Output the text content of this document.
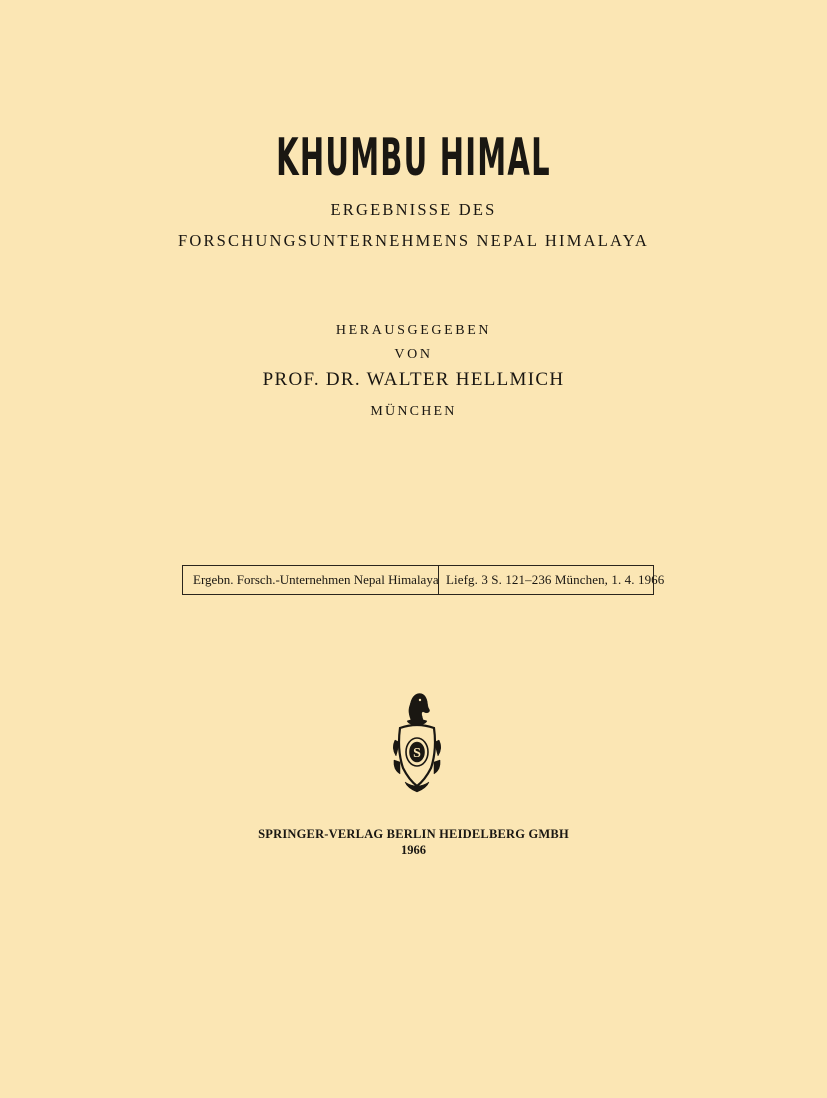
KHUMBU HIMAL
ERGEBNISSE DES
FORSCHUNGSUNTERNEHMENS NEPAL HIMALAYA
HERAUSGEGEBEN
VON
PROF. DR. WALTER HELLMICH
MÜNCHEN
Ergebn. Forsch.-Unternehmen Nepal Himalaya Liefg. 3 S. 121–236 München, 1. 4. 1966
S
SPRINGER-VERLAG BERLIN HEIDELBERG GMBH
1966
